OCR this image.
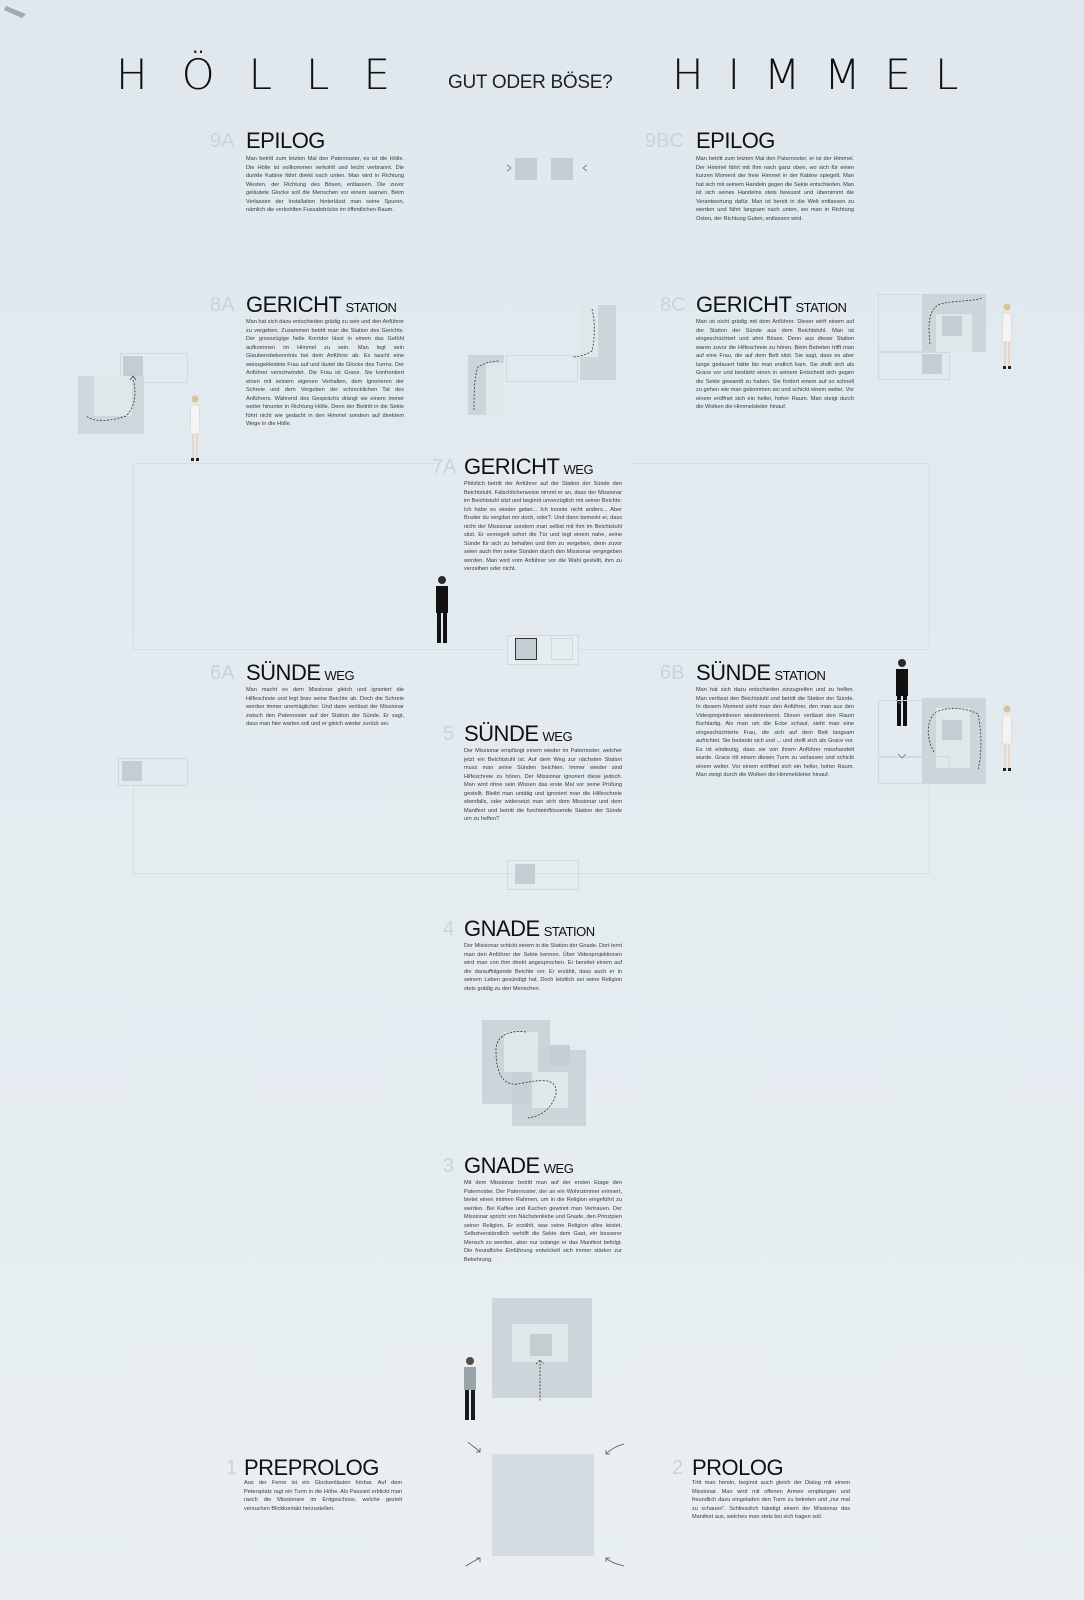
HÖLLE GUT ODER BÖSE? HIMMEL
9A EPILOG
Man betritt zum letzten Mal den Paternoster, es ist die Hölle. Die Hölle ist vollkommen verkohlt und leicht verbrannt. Die dunkle Kabine fährt direkt nach unten. Man wird in Richtung Westen, der Richtung des Bösen, entlassen. Die zuvor geläutete Glocke soll die Menschen vor einem warnen. Beim Verlassen der Installation hinterlässt man seine Spuren, nämlich die verkohlten Fussabdrücke im öffentlichen Raum.
9BC EPILOG
Man betritt zum letzten Mal den Paternoster, er ist der Himmel. Der Himmel fährt mit Ihm nach ganz oben, wo sich für einen kurzen Moment der freie Himmel in der Kabine spiegelt. Man hat sich mit seinem Handeln gegen die Sekte entschieden. Man ist sich seines Handelns stets bewusst und übernimmt die Verantwortung dafür. Man ist bereit in die Welt entlassen zu werden und fährt langsam nach unten, wo man in Richtung Osten, der Richtung Guten, entlassen wird.
8A GERICHT STATION
Man hat sich dazu entschieden grädig zu sein und den Anführer zu vergeben. Zusammen betritt man die Station des Gerichts. Der grosszügige helle Korridor lässt in einem das Gefühl aufkommen im Himmel zu sein. Man legt sein Glaubensbekenntnis bei dem Anführer ab. Es taucht eine weissgekleidete Frau auf und läutet die Glocke des Turms. Der Anführer verschwindet. Die Frau ist Grace. Sie konfrontiert einen mit seinem eigenen Verhalten, dem Ignorieren der Schreie und dem Vergeben der schrecklichen Tat des Anführers. Während des Gesprächs drängt sie einem immer weiter hinunter in Richtung Hölle. Denn der Beitritt in die Sekte führt nicht wie gedacht in den Himmel sondern auf direktem Wege in die Hölle.
8C GERICHT STATION
Man ist nicht grädig mit dem Anführer. Dieser wirft einem auf der Station der Sünde aus dem Beichtstuhl. Man ist eingeschüchtert und ahnt Böses. Denn aus dieser Station waren zuvor die Hilfeschreie zu hören. Beim Betreten trifft man auf eine Frau, die auf dem Bett sitzt. Sie sagt, dass es aber lange gedauert hätte bis man endlich kam. Sie stellt sich als Grace vor und bestärkt einen in seinem Entscheid sich gegen die Sekte gewandt zu haben. Sie fordert einem auf so schnell zu gehen wie man gekommen sei und schickt einem weiter. Vor einem eröffnet sich ein heller, hoher Raum. Man steigt durch die Wolken die Himmelsleiter hinauf.
7A GERICHT WEG
Plötzlich betritt der Anführer auf der Station der Sünde den Beichtstuhl. Fälschlicherweise nimmt er an, dass der Missionar im Beichtstuhl sitzt und beginnt unverzüglich mit seiner Beichte: Ich habe es wieder getan... Ich konnte nicht anders... Aber Bruder du vergibst mir doch, oder?. Und dann bemerkt er, dass nicht der Missionar sondern man selbst mit ihm im Beichtstuhl sitzt. Er verriegelt sofort die Tür und legt einem nahe, seine Sünde für sich zu behalten und ihm zu vergeben, denn zuvor seien auch ihm seine Sünden durch den Missionar vergegeben worden. Man wird vom Anführer vor die Wahl gestellt, ihm zu verzeihen oder nicht.
6A SÜNDE WEG
Man macht es dem Missionar gleich und ignoriert die Hilfeschreie und legt brav seine Beichte ab. Doch die Schreie werden immer unerträglicher. Und dann verlässt der Missionar zwisch den Paternoster auf der Station der Sünde. Er sagt, dass man hier warten soll und er gleich wieder zurück sei.
6B SÜNDE STATION
Man hat sich dazu entschieden einzugreifen und zu helfen. Man verlässt den Beichtstuhl und betritt die Station der Sünde. In diesem Moment sieht man den Anführer, den man aus den Videoprojektionen wiedererkennt. Dieser verlässt den Raum fluchtartig. Als man um die Ecke schaut, sieht man eine eingeschüchterte Frau, die sich auf dem Bett langsam aufrichtet. Sie bedankt sich und ... und stellt sich als Grace vor. Es ist eindeutig, dass sie von ihrem Anführer misshandelt wurde. Grace ritt einem diesen Turm zu verlassen und schickt einem weiter. Vor einem eröffnet sich ein heller, hoher Raum. Man steigt durch die Wolken die Himmelsleiter hinauf.
5 SÜNDE WEG
Der Missionar empfängt einem wieder im Paternoster, welcher jetzt ein Beichtstuhl ist. Auf dem Weg zur nächsten Station muss man seine Sünden beichten. Immer wieder sind Hilfeschreie zu hören. Der Missionar ignoriert diese jedoch. Man wird ohne sein Wissen das erste Mal vor seine Prüfung gestellt. Bleibt man untätig und ignoriert man die Hilfeschreie ebenfalls, oder widersetzt man sich dem Missionar und dem Manifest und betritt die furchteinflössende Station der Sünde um zu helfen?
4 GNADE STATION
Der Missionar schickt einem in die Station der Gnade. Dort lernt man den Anführer der Sekte kennen. Über Videoprojektionen wird man von ihm direkt angesprochen. Er bereitet einem auf die darauffolgende Beichte vor. Er erzählt, dass auch er in seinem Leben gesündigt hat. Doch letztlich sei seine Religion stets grädig zu den Menschen.
3 GNADE WEG
Mit dem Missionar betritt man auf der ersten Etage den Paternoster. Der Paternoster, der an ein Wohnzimmer erinnert, bietet einen intimen Rahmen, um in die Religion eingeführt zu werden. Bei Kaffee und Kuchen gewinnt man Vertrauen. Der Missionar spricht von Nächstenliebe und Gnade, den Prinzipien seiner Religion. Er erzählt, was seine Religion alles leistet. Selbstverständlich verhilft die Sekte dem Gast, ein besserer Mensch zu werden, aber nur solange er das Manifest befolgt. Die freundliche Einführung entwickelt sich immer stärker zur Bekehrung.
1 PREPROLOG
Aus der Ferne ist ein Glockenläuten hörbar. Auf dem Petersplatz ragt ein Turm in die Höhe. Als Passant erblickt man rasch die Missionare im Erdgeschoss, welche gezielt versuchen Blickkontakt herzustellen.
2 PROLOG
Tritt man herein, beginnt auch gleich der Dialog mit einem Missionar. Man wird mit offenen Armen empfangen und freundlich dazu eingeladen den Turm zu betreten und „nur mal zu schauen“. Schliesslich händigt einem der Missionar das Manifest aus, welches man stets bei sich tragen soll.
